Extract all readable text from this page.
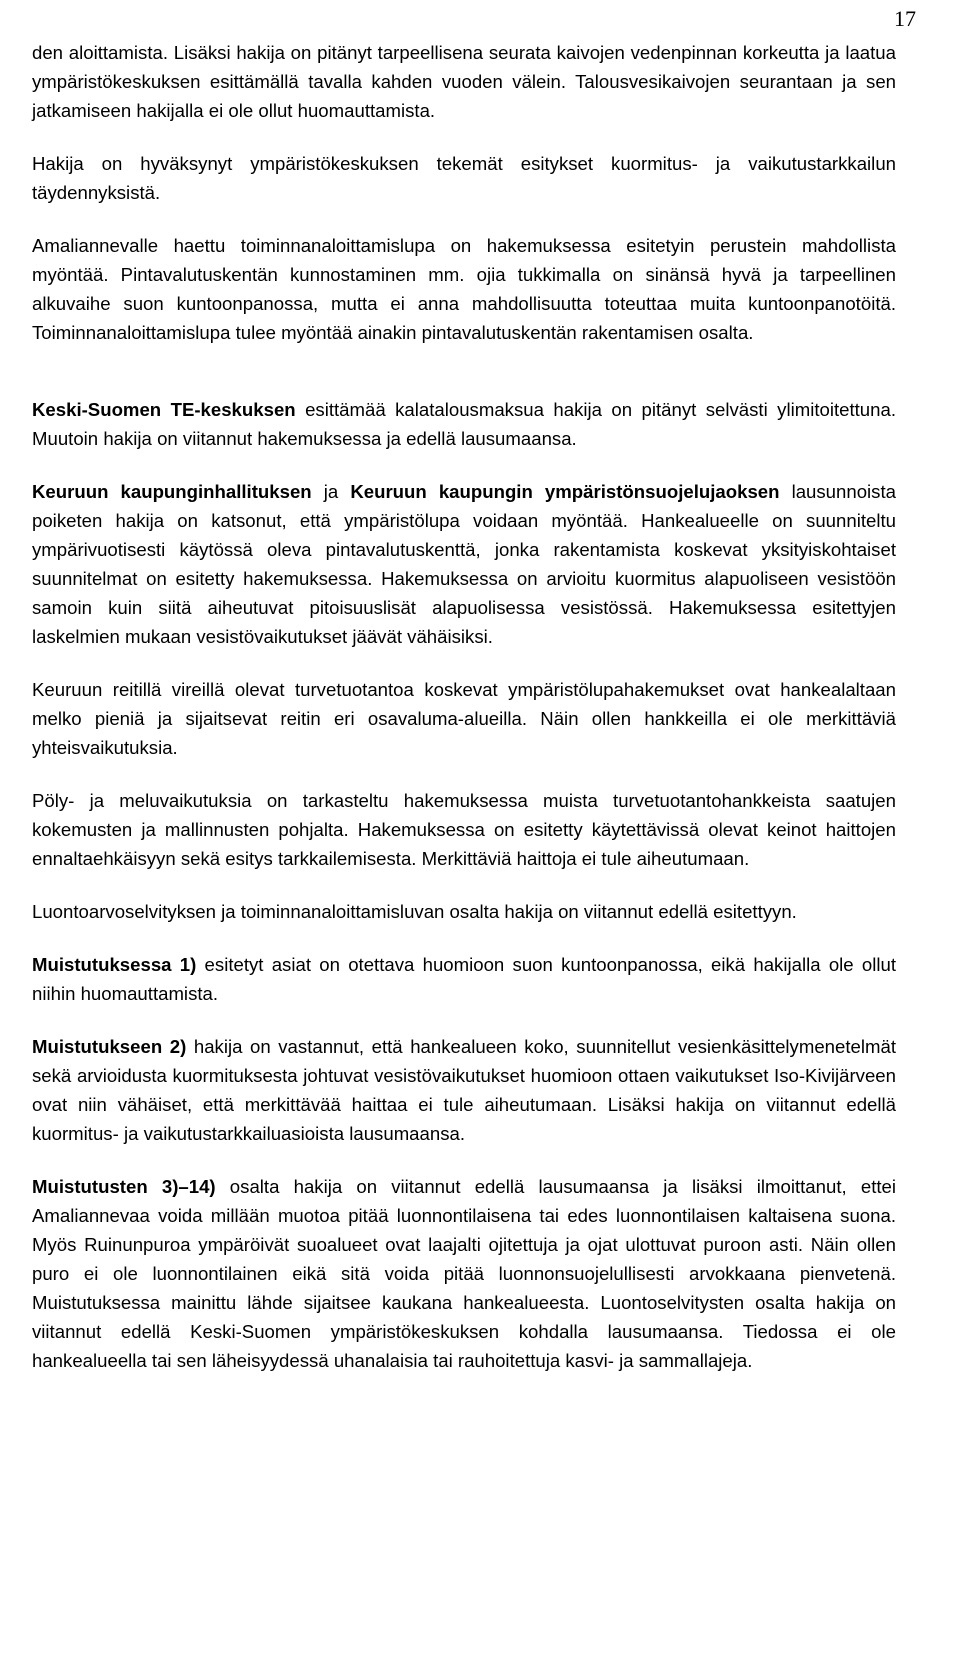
17

den aloittamista. Lisäksi hakija on pitänyt tarpeellisena seurata kaivojen vedenpinnan korkeutta ja laatua ympäristökeskuksen esittämällä tavalla kahden vuoden välein. Talousvesikaivojen seurantaan ja sen jatkamiseen hakijalla ei ole ollut huomauttamista.

Hakija on hyväksynyt ympäristökeskuksen tekemät esitykset kuormitus- ja vaikutustarkkailun täydennyksistä.

Amaliannevalle haettu toiminnanaloittamislupa on hakemuksessa esitetyin perustein mahdollista myöntää. Pintavalutuskentän kunnostaminen mm. ojia tukkimalla on sinänsä hyvä ja tarpeellinen alkuvaihe suon kuntoonpanossa, mutta ei anna mahdollisuutta toteuttaa muita kuntoonpanotöitä. Toiminnanaloittamislupa tulee myöntää ainakin pintavalutuskentän rakentamisen osalta.

Keski-Suomen TE-keskuksen esittämää kalatalousmaksua hakija on pitänyt selvästi ylimitoitettuna. Muutoin hakija on viitannut hakemuksessa ja edellä lausumaansa.

Keuruun kaupunginhallituksen ja Keuruun kaupungin ympäristönsuojelujaoksen lausunnoista poiketen hakija on katsonut, että ympäristölupa voidaan myöntää. Hankealueelle on suunniteltu ympärivuotisesti käytössä oleva pintavalutuskenttä, jonka rakentamista koskevat yksityiskohtaiset suunnitelmat on esitetty hakemuksessa. Hakemuksessa on arvioitu kuormitus alapuoliseen vesistöön samoin kuin siitä aiheutuvat pitoisuuslisät alapuolisessa vesistössä. Hakemuksessa esitettyjen laskelmien mukaan vesistövaikutukset jäävät vähäisiksi.

Keuruun reitillä vireillä olevat turvetuotantoa koskevat ympäristölupahakemukset ovat hankealaltaan melko pieniä ja sijaitsevat reitin eri osavaluma-alueilla. Näin ollen hankkeilla ei ole merkittäviä yhteisvaikutuksia.

Pöly- ja meluvaikutuksia on tarkasteltu hakemuksessa muista turvetuotantohankkeista saatujen kokemusten ja mallinnusten pohjalta. Hakemuksessa on esitetty käytettävissä olevat keinot haittojen ennaltaehkäisyyn sekä esitys tarkkailemisesta. Merkittäviä haittoja ei tule aiheutumaan.

Luontoarvoselvityksen ja toiminnanaloittamisluvan osalta hakija on viitannut edellä esitettyyn.

Muistutuksessa 1) esitetyt asiat on otettava huomioon suon kuntoonpanossa, eikä hakijalla ole ollut niihin huomauttamista.

Muistutukseen 2) hakija on vastannut, että hankealueen koko, suunnitellut vesienkäsittelymenetelmät sekä arvioidusta kuormituksesta johtuvat vesistövaikutukset huomioon ottaen vaikutukset Iso-Kivijärveen ovat niin vähäiset, että merkittävää haittaa ei tule aiheutumaan. Lisäksi hakija on viitannut edellä kuormitus- ja vaikutustarkkailuasioista lausumaansa.

Muistutusten 3)–14) osalta hakija on viitannut edellä lausumaansa ja lisäksi ilmoittanut, ettei Amaliannevaa voida millään muotoa pitää luonnontilaisena tai edes luonnontilaisen kaltaisena suona. Myös Ruinunpuroa ympäröivät suoalueet ovat laajalti ojitettuja ja ojat ulottuvat puroon asti. Näin ollen puro ei ole luonnontilainen eikä sitä voida pitää luonnonsuojelullisesti arvokkaana pienvetenä. Muistutuksessa mainittu lähde sijaitsee kaukana hankealueesta. Luontoselvitysten osalta hakija on viitannut edellä Keski-Suomen ympäristökeskuksen kohdalla lausumaansa. Tiedossa ei ole hankealueella tai sen läheisyydessä uhanalaisia tai rauhoitettuja kasvi- ja sammallajeja.
